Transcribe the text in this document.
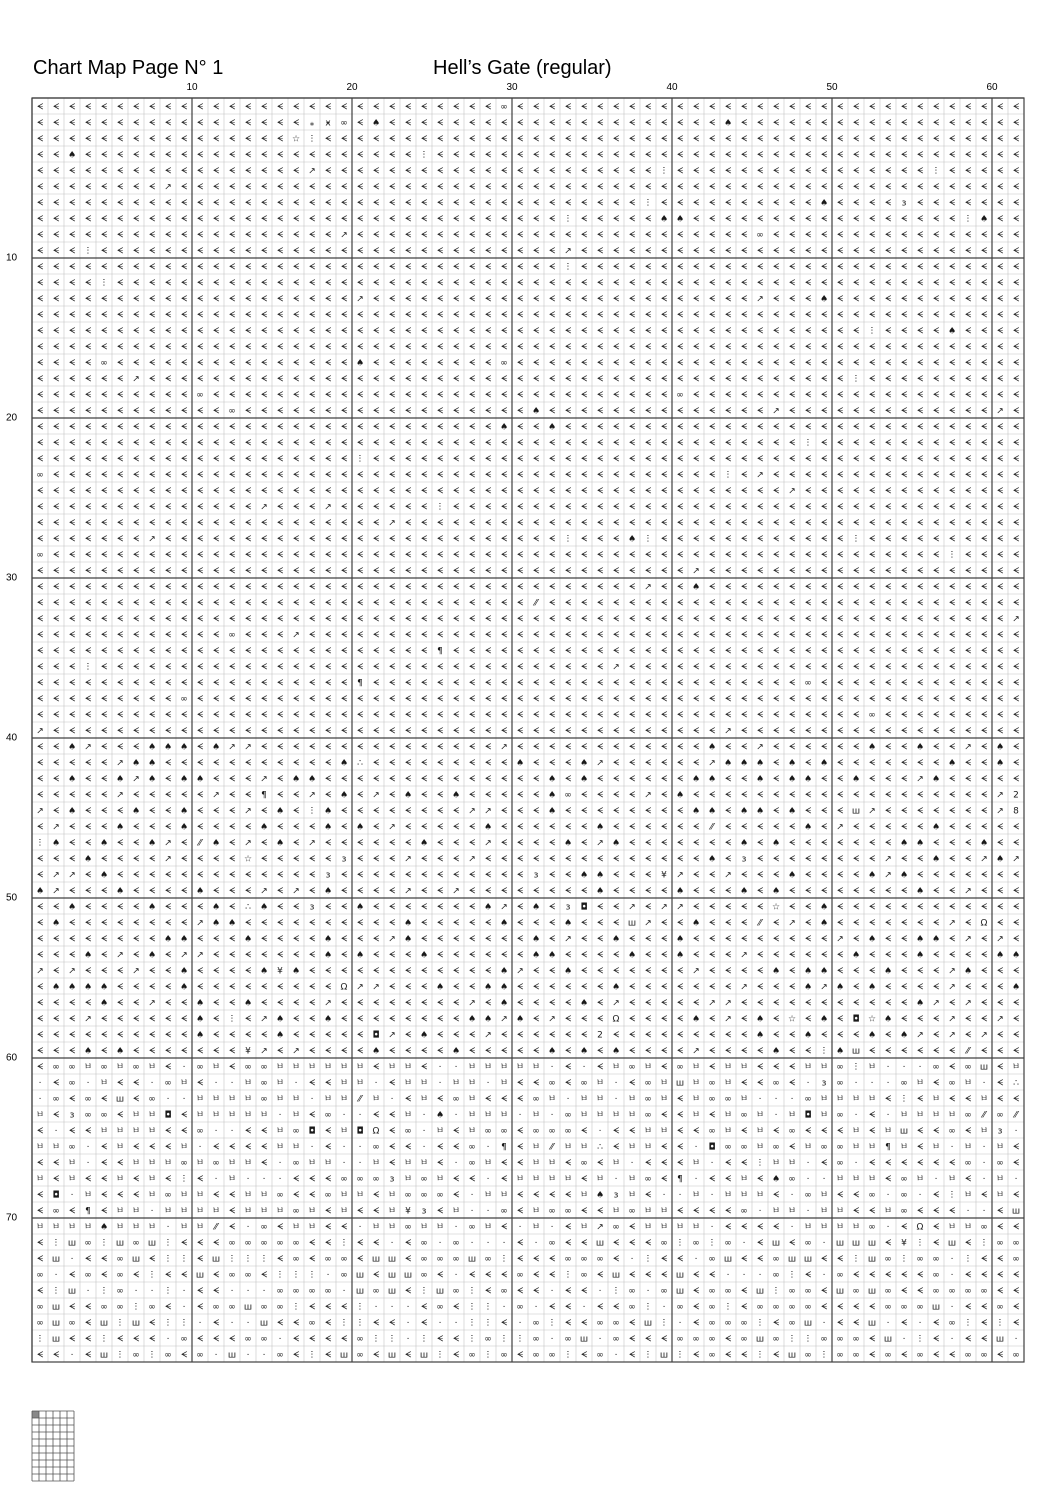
Chart Map Page N° 1	Hell’s Gate (regular)
10	20	30	40	50	60
10
20
30
40
50
60
70
ᗕ ᗕ ᗕ ᗕ ᗕ ᗕ ᗕ ᗕ ᗕ ᗕ ᗕ ᗕ ᗕ ᗕ ᗕ ᗕ ᗕ ᗕ ᗕ ᗕ ᗕ ᗕ ᗕ ᗕ ᗕ ᗕ ᗕ ᗕ ᗕ ∞ ᗕ ᗕ ᗕ ᗕ ᗕ ᗕ ᗕ ᗕ ᗕ ᗕ ᗕ ᗕ ᗕ ᗕ ᗕ ᗕ ᗕ ᗕ ᗕ ᗕ ᗕ ᗕ ᗕ ᗕ ᗕ ᗕ ᗕ ᗕ ᗕ ᗕ ᗕ ᗕ
ᗕ ᗕ ᗕ ᗕ ᗕ ᗕ ᗕ ᗕ ᗕ ᗕ ᗕ ᗕ ᗕ ᗕ ᗕ ᗕ ᗕ ⁎ ӿ ∞ ᗕ ♠ ᗕ ᗕ ᗕ ᗕ ᗕ ᗕ ᗕ ᗕ ᗕ ᗕ ᗕ ᗕ ᗕ ᗕ ᗕ ᗕ ᗕ ᗕ ᗕ ᗕ ᗕ ♠ ᗕ ᗕ ᗕ ᗕ ᗕ ᗕ ᗕ ᗕ ᗕ ᗕ ᗕ ᗕ ᗕ ᗕ ᗕ ᗕ ᗕ ᗕ
ᗕ ᗕ ᗕ ᗕ ᗕ ᗕ ᗕ ᗕ ᗕ ᗕ ᗕ ᗕ ᗕ ᗕ ᗕ ᗕ ☆ ⵗ ᗕ ᗕ ᗕ ᗕ ᗕ ᗕ ᗕ ᗕ ᗕ ᗕ ᗕ ᗕ ᗕ ᗕ ᗕ ᗕ ᗕ ᗕ ᗕ ᗕ ᗕ ᗕ ᗕ ᗕ ᗕ ᗕ ᗕ ᗕ ᗕ ᗕ ᗕ ᗕ ᗕ ᗕ ᗕ ᗕ ᗕ ᗕ ᗕ ᗕ ᗕ ᗕ ᗕ ᗕ
ᗕ ᗕ ♠ ᗕ ᗕ ᗕ ᗕ ᗕ ᗕ ᗕ ᗕ ᗕ ᗕ ᗕ ᗕ ᗕ ᗕ ᗕ ᗕ ᗕ ᗕ ᗕ ᗕ ᗕ ⵗ ᗕ ᗕ ᗕ ᗕ ᗕ ᗕ ᗕ ᗕ ᗕ ᗕ ᗕ ᗕ ᗕ ᗕ ᗕ ᗕ ᗕ ᗕ ᗕ ᗕ ᗕ ᗕ ᗕ ᗕ ᗕ ᗕ ᗕ ᗕ ᗕ ᗕ ᗕ ᗕ ᗕ ᗕ ᗕ ᗕ ᗕ
ᗕ ᗕ ᗕ ᗕ ᗕ ᗕ ᗕ ᗕ ᗕ ᗕ ᗕ ᗕ ᗕ ᗕ ᗕ ᗕ ᗕ ↗ ᗕ ᗕ ᗕ ᗕ ᗕ ᗕ ᗕ ᗕ ᗕ ᗕ ᗕ ᗕ ᗕ ᗕ ᗕ ᗕ ᗕ ᗕ ᗕ ᗕ ᗕ ⵗ ᗕ ᗕ ᗕ ᗕ ᗕ ᗕ ᗕ ᗕ ᗕ ᗕ ᗕ ᗕ ᗕ ᗕ ᗕ ᗕ ⵗ ᗕ ᗕ ᗕ ᗕ ᗕ
ᗕ ᗕ ᗕ ᗕ ᗕ ᗕ ᗕ ᗕ ↗ ᗕ ᗕ ᗕ ᗕ ᗕ ᗕ ᗕ ᗕ ᗕ ᗕ ᗕ ᗕ ᗕ ᗕ ᗕ ᗕ ᗕ ᗕ ᗕ ᗕ ᗕ ᗕ ᗕ ᗕ ᗕ ᗕ ᗕ ᗕ ᗕ ᗕ ᗕ ᗕ ᗕ ᗕ ᗕ ᗕ ᗕ ᗕ ᗕ ᗕ ᗕ ᗕ ᗕ ᗕ ᗕ ᗕ ᗕ ᗕ ᗕ ᗕ ᗕ ᗕ ᗕ
ᗕ ᗕ ᗕ ᗕ ᗕ ᗕ ᗕ ᗕ ᗕ ᗕ ᗕ ᗕ ᗕ ᗕ ᗕ ᗕ ᗕ ᗕ ᗕ ᗕ ᗕ ᗕ ᗕ ᗕ ᗕ ᗕ ᗕ ᗕ ᗕ ᗕ ᗕ ᗕ ᗕ ᗕ ᗕ ᗕ ᗕ ᗕ ⵗ ᗕ ᗕ ᗕ ᗕ ᗕ ᗕ ᗕ ᗕ ᗕ ᗕ ♠ ᗕ ᗕ ᗕ ᗕ ɜ ᗕ ᗕ ᗕ ᗕ ᗕ ᗕ ᗕ
ᗕ ᗕ ᗕ ᗕ ᗕ ᗕ ᗕ ᗕ ᗕ ᗕ ᗕ ᗕ ᗕ ᗕ ᗕ ᗕ ᗕ ᗕ ᗕ ᗕ ᗕ ᗕ ᗕ ᗕ ᗕ ᗕ ᗕ ᗕ ᗕ ᗕ ᗕ ᗕ ᗕ ⵗ ᗕ ᗕ ᗕ ᗕ ᗕ ♠ ♠ ᗕ ᗕ ᗕ ᗕ ᗕ ᗕ ᗕ ᗕ ᗕ ᗕ ᗕ ᗕ ᗕ ᗕ ᗕ ᗕ ᗕ ⵗ ♠ ᗕ ᗕ
ᗕ ᗕ ᗕ ᗕ ᗕ ᗕ ᗕ ᗕ ᗕ ᗕ ᗕ ᗕ ᗕ ᗕ ᗕ ᗕ ᗕ ᗕ ᗕ ↗ ᗕ ᗕ ᗕ ᗕ ᗕ ᗕ ᗕ ᗕ ᗕ ᗕ ᗕ ᗕ ᗕ ᗕ ᗕ ᗕ ᗕ ᗕ ᗕ ᗕ ᗕ ᗕ ᗕ ᗕ ᗕ ∞ ᗕ ᗕ ᗕ ᗕ ᗕ ᗕ ᗕ ᗕ ᗕ ᗕ ᗕ ᗕ ᗕ ᗕ ᗕ ᗕ
ᗕ ᗕ ᗕ ⵗ ᗕ ᗕ ᗕ ᗕ ᗕ ᗕ ᗕ ᗕ ᗕ ᗕ ᗕ ᗕ ᗕ ᗕ ᗕ ᗕ ᗕ ᗕ ᗕ ᗕ ᗕ ᗕ ᗕ ᗕ ᗕ ᗕ ᗕ ᗕ ᗕ ↗ ᗕ ᗕ ᗕ ᗕ ᗕ ᗕ ᗕ ᗕ ᗕ ᗕ ᗕ ᗕ ᗕ ᗕ ᗕ ᗕ ᗕ ᗕ ᗕ ᗕ ᗕ ᗕ ᗕ ᗕ ᗕ ᗕ ᗕ ᗕ
ᗕ ᗕ ᗕ ᗕ ᗕ ᗕ ᗕ ᗕ ᗕ ᗕ ᗕ ᗕ ᗕ ᗕ ᗕ ᗕ ᗕ ᗕ ᗕ ᗕ ᗕ ᗕ ᗕ ᗕ ᗕ ᗕ ᗕ ᗕ ᗕ ᗕ ᗕ ᗕ ᗕ ⵗ ᗕ ᗕ ᗕ ᗕ ᗕ ᗕ ᗕ ᗕ ᗕ ᗕ ᗕ ᗕ ᗕ ᗕ ᗕ ᗕ ᗕ ᗕ ᗕ ᗕ ᗕ ᗕ ᗕ ᗕ ᗕ ᗕ ᗕ ᗕ
ᗕ ᗕ ᗕ ᗕ ⵗ ᗕ ᗕ ᗕ ᗕ ᗕ ᗕ ᗕ ᗕ ᗕ ᗕ ᗕ ᗕ ᗕ ᗕ ᗕ ᗕ ᗕ ᗕ ᗕ ᗕ ᗕ ᗕ ᗕ ᗕ ᗕ ᗕ ᗕ ᗕ ᗕ ᗕ ᗕ ᗕ ᗕ ᗕ ᗕ ᗕ ᗕ ᗕ ᗕ ᗕ ᗕ ᗕ ᗕ ᗕ ᗕ ᗕ ᗕ ᗕ ᗕ ᗕ ᗕ ᗕ ᗕ ᗕ ᗕ ᗕ ᗕ
ᗕ ᗕ ᗕ ᗕ ᗕ ᗕ ᗕ ᗕ ᗕ ᗕ ᗕ ᗕ ᗕ ᗕ ᗕ ᗕ ᗕ ᗕ ᗕ ᗕ ↗ ᗕ ᗕ ᗕ ᗕ ᗕ ᗕ ᗕ ᗕ ᗕ ᗕ ᗕ ᗕ ᗕ ᗕ ᗕ ᗕ ᗕ ᗕ ᗕ ᗕ ᗕ ᗕ ᗕ ᗕ ↗ ᗕ ᗕ ᗕ ♠ ᗕ ᗕ ᗕ ᗕ ᗕ ᗕ ᗕ ᗕ ᗕ ᗕ ᗕ ᗕ
ᗕ ᗕ ᗕ ᗕ ᗕ ᗕ ᗕ ᗕ ᗕ ᗕ ᗕ ᗕ ᗕ ᗕ ᗕ ᗕ ᗕ ᗕ ᗕ ᗕ ᗕ ᗕ ᗕ ᗕ ᗕ ᗕ ᗕ ᗕ ᗕ ᗕ ᗕ ᗕ ᗕ ᗕ ᗕ ᗕ ᗕ ᗕ ᗕ ᗕ ᗕ ᗕ ᗕ ᗕ ᗕ ᗕ ᗕ ᗕ ᗕ ᗕ ᗕ ᗕ ᗕ ᗕ ᗕ ᗕ ᗕ ᗕ ᗕ ᗕ ᗕ ᗕ
ᗕ ᗕ ᗕ ᗕ ᗕ ᗕ ᗕ ᗕ ᗕ ᗕ ᗕ ᗕ ᗕ ᗕ ᗕ ᗕ ᗕ ᗕ ᗕ ᗕ ᗕ ᗕ ᗕ ᗕ ᗕ ᗕ ᗕ ᗕ ᗕ ᗕ ᗕ ᗕ ᗕ ᗕ ᗕ ᗕ ᗕ ᗕ ᗕ ᗕ ᗕ ᗕ ᗕ ᗕ ᗕ ᗕ ᗕ ᗕ ᗕ ᗕ ᗕ ᗕ ⵗ ᗕ ᗕ ᗕ ᗕ ♠ ᗕ ᗕ ᗕ ᗕ
ᗕ ᗕ ᗕ ᗕ ᗕ ᗕ ᗕ ᗕ ᗕ ᗕ ᗕ ᗕ ᗕ ᗕ ᗕ ᗕ ᗕ ᗕ ᗕ ᗕ ᗕ ᗕ ᗕ ᗕ ᗕ ᗕ ᗕ ᗕ ᗕ ᗕ ᗕ ᗕ ᗕ ᗕ ᗕ ᗕ ᗕ ᗕ ᗕ ᗕ ᗕ ᗕ ᗕ ᗕ ᗕ ᗕ ᗕ ᗕ ᗕ ᗕ ᗕ ᗕ ᗕ ᗕ ᗕ ᗕ ᗕ ᗕ ᗕ ᗕ ᗕ ᗕ
ᗕ ᗕ ᗕ ᗕ ∞ ᗕ ᗕ ᗕ ᗕ ᗕ ᗕ ᗕ ᗕ ᗕ ᗕ ᗕ ᗕ ᗕ ᗕ ᗕ ♠ ᗕ ᗕ ᗕ ᗕ ᗕ ᗕ ᗕ ᗕ ∞ ᗕ ᗕ ᗕ ᗕ ᗕ ᗕ ᗕ ᗕ ᗕ ᗕ ᗕ ᗕ ᗕ ᗕ ᗕ ᗕ ᗕ ᗕ ᗕ ᗕ ᗕ ᗕ ᗕ ᗕ ᗕ ᗕ ᗕ ᗕ ᗕ ᗕ ᗕ ᗕ
ᗕ ᗕ ᗕ ᗕ ᗕ ᗕ ↗ ᗕ ᗕ ᗕ ᗕ ᗕ ᗕ ᗕ ᗕ ᗕ ᗕ ᗕ ᗕ ᗕ ᗕ ᗕ ᗕ ᗕ ᗕ ᗕ ᗕ ᗕ ᗕ ᗕ ᗕ ᗕ ᗕ ᗕ ᗕ ᗕ ᗕ ᗕ ᗕ ᗕ ᗕ ᗕ ᗕ ᗕ ᗕ ᗕ ᗕ ᗕ ᗕ ᗕ ᗕ ⵗ ᗕ ᗕ ᗕ ᗕ ᗕ ᗕ ᗕ ᗕ ᗕ ᗕ
ᗕ ᗕ ᗕ ᗕ ᗕ ᗕ ᗕ ᗕ ᗕ ᗕ ∞ ᗕ ᗕ ᗕ ᗕ ᗕ ᗕ ᗕ ᗕ ᗕ ᗕ ᗕ ᗕ ᗕ ᗕ ᗕ ᗕ ᗕ ᗕ ᗕ ᗕ ᗕ ᗕ ᗕ ᗕ ᗕ ᗕ ᗕ ᗕ ᗕ ∞ ᗕ ᗕ ᗕ ᗕ ᗕ ᗕ ᗕ ᗕ ᗕ ᗕ ᗕ ᗕ ᗕ ᗕ ᗕ ᗕ ᗕ ᗕ ᗕ ᗕ ᗕ
ᗕ ᗕ ᗕ ᗕ ᗕ ᗕ ᗕ ᗕ ᗕ ᗕ ᗕ ᗕ ∞ ᗕ ᗕ ᗕ ᗕ ᗕ ᗕ ᗕ ᗕ ᗕ ᗕ ᗕ ᗕ ᗕ ᗕ ᗕ ᗕ ᗕ ᗕ ♠ ᗕ ᗕ ᗕ ᗕ ᗕ ᗕ ᗕ ᗕ ᗕ ᗕ ᗕ ᗕ ᗕ ᗕ ↗ ᗕ ᗕ ᗕ ᗕ ᗕ ᗕ ᗕ ᗕ ᗕ ᗕ ᗕ ᗕ ᗕ ↗ ᗕ
ᗕ ᗕ ᗕ ᗕ ᗕ ᗕ ᗕ ᗕ ᗕ ᗕ ᗕ ᗕ ᗕ ᗕ ᗕ ᗕ ᗕ ᗕ ᗕ ᗕ ᗕ ᗕ ᗕ ᗕ ᗕ ᗕ ᗕ ᗕ ᗕ ♠ ᗕ ᗕ ♠ ᗕ ᗕ ᗕ ᗕ ᗕ ᗕ ᗕ ᗕ ᗕ ᗕ ᗕ ᗕ ᗕ ᗕ ᗕ ᗕ ᗕ ᗕ ᗕ ᗕ ᗕ ᗕ ᗕ ᗕ ᗕ ᗕ ᗕ ᗕ ᗕ
ᗕ ᗕ ᗕ ᗕ ᗕ ᗕ ᗕ ᗕ ᗕ ᗕ ᗕ ᗕ ᗕ ᗕ ᗕ ᗕ ᗕ ᗕ ᗕ ᗕ ᗕ ᗕ ᗕ ᗕ ᗕ ᗕ ᗕ ᗕ ᗕ ᗕ ᗕ ᗕ ᗕ ᗕ ᗕ ᗕ ᗕ ᗕ ᗕ ᗕ ᗕ ᗕ ᗕ ᗕ ᗕ ᗕ ᗕ ᗕ ⵗ ᗕ ᗕ ᗕ ᗕ ᗕ ᗕ ᗕ ᗕ ᗕ ᗕ ᗕ ᗕ ᗕ
ᗕ ᗕ ᗕ ᗕ ᗕ ᗕ ᗕ ᗕ ᗕ ᗕ ᗕ ᗕ ᗕ ᗕ ᗕ ᗕ ᗕ ᗕ ᗕ ᗕ ⵗ ᗕ ᗕ ᗕ ᗕ ᗕ ᗕ ᗕ ᗕ ᗕ ᗕ ᗕ ᗕ ᗕ ᗕ ᗕ ᗕ ᗕ ᗕ ᗕ ᗕ ᗕ ᗕ ᗕ ᗕ ᗕ ᗕ ᗕ ᗕ ᗕ ᗕ ᗕ ᗕ ᗕ ᗕ ᗕ ᗕ ᗕ ᗕ ᗕ ᗕ ᗕ
∞ ᗕ ᗕ ᗕ ᗕ ᗕ ᗕ ᗕ ᗕ ᗕ ᗕ ᗕ ᗕ ᗕ ᗕ ᗕ ᗕ ᗕ ᗕ ᗕ ᗕ ᗕ ᗕ ᗕ ᗕ ᗕ ᗕ ᗕ ᗕ ᗕ ᗕ ᗕ ᗕ ᗕ ᗕ ᗕ ᗕ ᗕ ᗕ ᗕ ᗕ ᗕ ᗕ ⵗ ᗕ ↗ ᗕ ᗕ ᗕ ᗕ ᗕ ᗕ ᗕ ᗕ ᗕ ᗕ ᗕ ᗕ ᗕ ᗕ ᗕ ᗕ
ᗕ ᗕ ᗕ ᗕ ᗕ ᗕ ᗕ ᗕ ᗕ ᗕ ᗕ ᗕ ᗕ ᗕ ᗕ ᗕ ᗕ ᗕ ᗕ ᗕ ᗕ ᗕ ᗕ ᗕ ᗕ ᗕ ᗕ ᗕ ᗕ ᗕ ᗕ ᗕ ᗕ ᗕ ᗕ ᗕ ᗕ ᗕ ᗕ ᗕ ᗕ ᗕ ᗕ ᗕ ᗕ ᗕ ᗕ ↗ ᗕ ᗕ ᗕ ᗕ ᗕ ᗕ ᗕ ᗕ ᗕ ᗕ ᗕ ᗕ ᗕ ᗕ
ᗕ ᗕ ᗕ ᗕ ᗕ ᗕ ᗕ ᗕ ᗕ ᗕ ᗕ ᗕ ᗕ ᗕ ↗ ᗕ ᗕ ᗕ ↗ ᗕ ᗕ ᗕ ᗕ ᗕ ᗕ ⵗ ᗕ ᗕ ᗕ ᗕ ᗕ ᗕ ᗕ ᗕ ᗕ ᗕ ᗕ ᗕ ᗕ ᗕ ᗕ ᗕ ᗕ ᗕ ᗕ ᗕ ᗕ ᗕ ᗕ ᗕ ᗕ ᗕ ᗕ ᗕ ᗕ ᗕ ᗕ ᗕ ᗕ ᗕ ᗕ ᗕ
ᗕ ᗕ ᗕ ᗕ ᗕ ᗕ ᗕ ᗕ ᗕ ᗕ ᗕ ᗕ ᗕ ᗕ ᗕ ᗕ ᗕ ᗕ ᗕ ᗕ ᗕ ᗕ ↗ ᗕ ᗕ ᗕ ᗕ ᗕ ᗕ ᗕ ᗕ ᗕ ᗕ ᗕ ᗕ ᗕ ᗕ ᗕ ᗕ ᗕ ᗕ ᗕ ᗕ ᗕ ᗕ ᗕ ᗕ ᗕ ᗕ ᗕ ᗕ ᗕ ᗕ ᗕ ᗕ ᗕ ᗕ ᗕ ᗕ ᗕ ᗕ ᗕ
ᗕ ᗕ ᗕ ᗕ ᗕ ᗕ ᗕ ↗ ᗕ ᗕ ᗕ ᗕ ᗕ ᗕ ᗕ ᗕ ᗕ ᗕ ᗕ ᗕ ᗕ ᗕ ᗕ ᗕ ᗕ ᗕ ᗕ ᗕ ᗕ ᗕ ᗕ ᗕ ᗕ ⵗ ᗕ ᗕ ᗕ ♠ ⵗ ᗕ ᗕ ᗕ ᗕ ᗕ ᗕ ᗕ ᗕ ᗕ ᗕ ᗕ ᗕ ⵗ ᗕ ᗕ ᗕ ᗕ ᗕ ᗕ ᗕ ᗕ ᗕ ᗕ
∞ ᗕ ᗕ ᗕ ᗕ ᗕ ᗕ ᗕ ᗕ ᗕ ᗕ ᗕ ᗕ ᗕ ᗕ ᗕ ᗕ ᗕ ᗕ ᗕ ᗕ ᗕ ᗕ ᗕ ᗕ ᗕ ᗕ ᗕ ᗕ ᗕ ᗕ ᗕ ᗕ ᗕ ᗕ ᗕ ᗕ ᗕ ᗕ ᗕ ᗕ ᗕ ᗕ ᗕ ᗕ ᗕ ᗕ ᗕ ᗕ ᗕ ᗕ ᗕ ᗕ ᗕ ᗕ ᗕ ᗕ ⵗ ᗕ ᗕ ᗕ ᗕ
ᗕ ᗕ ᗕ ᗕ ᗕ ᗕ ᗕ ᗕ ᗕ ᗕ ᗕ ᗕ ᗕ ᗕ ᗕ ᗕ ᗕ ᗕ ᗕ ᗕ ᗕ ᗕ ᗕ ᗕ ᗕ ᗕ ᗕ ᗕ ᗕ ᗕ ᗕ ᗕ ᗕ ᗕ ᗕ ᗕ ᗕ ᗕ ᗕ ᗕ ᗕ ↗ ᗕ ᗕ ᗕ ᗕ ᗕ ᗕ ᗕ ᗕ ᗕ ᗕ ᗕ ᗕ ᗕ ᗕ ᗕ ᗕ ᗕ ᗕ ᗕ ᗕ
ᗕ ᗕ ᗕ ᗕ ᗕ ᗕ ᗕ ᗕ ᗕ ᗕ ᗕ ᗕ ᗕ ᗕ ᗕ ᗕ ᗕ ᗕ ᗕ ᗕ ᗕ ᗕ ᗕ ᗕ ᗕ ᗕ ᗕ ᗕ ᗕ ᗕ ᗕ ᗕ ᗕ ᗕ ᗕ ᗕ ᗕ ᗕ ↗ ᗕ ᗕ ♠ ᗕ ᗕ ᗕ ᗕ ᗕ ᗕ ᗕ ᗕ ᗕ ᗕ ᗕ ᗕ ᗕ ᗕ ᗕ ᗕ ᗕ ᗕ ᗕ ᗕ
ᗕ ᗕ ᗕ ᗕ ᗕ ᗕ ᗕ ᗕ ᗕ ᗕ ᗕ ᗕ ᗕ ᗕ ᗕ ᗕ ᗕ ᗕ ᗕ ᗕ ᗕ ᗕ ᗕ ᗕ ᗕ ᗕ ᗕ ᗕ ᗕ ᗕ ᗕ ⁄⁄ ᗕ ᗕ ᗕ ᗕ ᗕ ᗕ ᗕ ᗕ ᗕ ᗕ ᗕ ᗕ ᗕ ᗕ ᗕ ᗕ ᗕ ᗕ ᗕ ᗕ ᗕ ᗕ ᗕ ᗕ ᗕ ᗕ ᗕ ᗕ ᗕ ᗕ
ᗕ ᗕ ᗕ ᗕ ᗕ ᗕ ᗕ ᗕ ᗕ ᗕ ᗕ ᗕ ᗕ ᗕ ᗕ ᗕ ᗕ ᗕ ᗕ ᗕ ᗕ ᗕ ᗕ ᗕ ᗕ ᗕ ᗕ ᗕ ᗕ ᗕ ᗕ ᗕ ᗕ ᗕ ᗕ ᗕ ᗕ ᗕ ᗕ ᗕ ᗕ ᗕ ᗕ ᗕ ᗕ ᗕ ᗕ ᗕ ᗕ ᗕ ᗕ ᗕ ᗕ ᗕ ᗕ ᗕ ᗕ ᗕ ᗕ ᗕ ᗕ ↗
ᗕ ᗕ ᗕ ᗕ ᗕ ᗕ ᗕ ᗕ ᗕ ᗕ ᗕ ᗕ ∞ ᗕ ᗕ ᗕ ↗ ᗕ ᗕ ᗕ ᗕ ᗕ ᗕ ᗕ ᗕ ᗕ ᗕ ᗕ ᗕ ᗕ ᗕ ᗕ ᗕ ᗕ ᗕ ᗕ ᗕ ᗕ ᗕ ᗕ ᗕ ᗕ ᗕ ᗕ ᗕ ᗕ ᗕ ᗕ ᗕ ᗕ ᗕ ᗕ ᗕ ᗕ ᗕ ᗕ ᗕ ᗕ ᗕ ᗕ ᗕ ᗕ
ᗕ ᗕ ᗕ ᗕ ᗕ ᗕ ᗕ ᗕ ᗕ ᗕ ᗕ ᗕ ᗕ ᗕ ᗕ ᗕ ᗕ ᗕ ᗕ ᗕ ᗕ ᗕ ᗕ ᗕ ᗕ ¶ ᗕ ᗕ ᗕ ᗕ ᗕ ᗕ ᗕ ᗕ ᗕ ᗕ ᗕ ᗕ ᗕ ᗕ ᗕ ᗕ ᗕ ᗕ ᗕ ᗕ ᗕ ᗕ ᗕ ᗕ ᗕ ᗕ ᗕ ᗕ ᗕ ᗕ ᗕ ᗕ ᗕ ᗕ ᗕ ᗕ
ᗕ ᗕ ᗕ ⵗ ᗕ ᗕ ᗕ ᗕ ᗕ ᗕ ᗕ ᗕ ᗕ ᗕ ᗕ ᗕ ᗕ ᗕ ᗕ ᗕ ᗕ ᗕ ᗕ ᗕ ᗕ ᗕ ᗕ ᗕ ᗕ ᗕ ᗕ ᗕ ᗕ ᗕ ᗕ ᗕ ↗ ᗕ ᗕ ᗕ ᗕ ᗕ ᗕ ᗕ ᗕ ᗕ ᗕ ᗕ ᗕ ᗕ ᗕ ᗕ ᗕ ᗕ ᗕ ᗕ ᗕ ᗕ ᗕ ᗕ ᗕ ᗕ
ᗕ ᗕ ᗕ ᗕ ᗕ ᗕ ᗕ ᗕ ᗕ ᗕ ᗕ ᗕ ᗕ ᗕ ᗕ ᗕ ᗕ ᗕ ᗕ ᗕ ¶ ᗕ ᗕ ᗕ ᗕ ᗕ ᗕ ᗕ ᗕ ᗕ ᗕ ᗕ ᗕ ᗕ ᗕ ᗕ ᗕ ᗕ ᗕ ᗕ ᗕ ᗕ ᗕ ᗕ ᗕ ᗕ ᗕ ᗕ ∞ ᗕ ᗕ ᗕ ᗕ ᗕ ᗕ ᗕ ᗕ ᗕ ᗕ ᗕ ᗕ ᗕ
ᗕ ᗕ ᗕ ᗕ ᗕ ᗕ ᗕ ᗕ ᗕ ∞ ᗕ ᗕ ᗕ ᗕ ᗕ ᗕ ᗕ ᗕ ᗕ ᗕ ᗕ ᗕ ᗕ ᗕ ᗕ ᗕ ᗕ ᗕ ᗕ ᗕ ᗕ ᗕ ᗕ ᗕ ᗕ ᗕ ᗕ ᗕ ᗕ ᗕ ᗕ ᗕ ᗕ ᗕ ᗕ ᗕ ᗕ ᗕ ᗕ ᗕ ᗕ ᗕ ᗕ ᗕ ᗕ ᗕ ᗕ ᗕ ᗕ ᗕ ᗕ ᗕ
ᗕ ᗕ ᗕ ᗕ ᗕ ᗕ ᗕ ᗕ ᗕ ᗕ ᗕ ᗕ ᗕ ᗕ ᗕ ᗕ ᗕ ᗕ ᗕ ᗕ ᗕ ᗕ ᗕ ᗕ ᗕ ᗕ ᗕ ᗕ ᗕ ᗕ ᗕ ᗕ ᗕ ᗕ ᗕ ᗕ ᗕ ᗕ ᗕ ᗕ ᗕ ᗕ ᗕ ᗕ ᗕ ᗕ ᗕ ᗕ ᗕ ᗕ ᗕ ᗕ ∞ ᗕ ᗕ ᗕ ᗕ ᗕ ᗕ ᗕ ᗕ ᗕ
↗ ᗕ ᗕ ᗕ ᗕ ᗕ ᗕ ᗕ ᗕ ᗕ ᗕ ᗕ ᗕ ᗕ ᗕ ᗕ ᗕ ᗕ ᗕ ᗕ ᗕ ᗕ ᗕ ᗕ ᗕ ᗕ ᗕ ᗕ ᗕ ᗕ ᗕ ᗕ ᗕ ᗕ ᗕ ᗕ ᗕ ᗕ ᗕ ᗕ ᗕ ᗕ ᗕ ↗ ᗕ ᗕ ᗕ ᗕ ᗕ ᗕ ᗕ ᗕ ᗕ ᗕ ᗕ ᗕ ᗕ ᗕ ᗕ ᗕ ᗕ ᗕ
ᗕ ᗕ ♠ ↗ ᗕ ᗕ ᗕ ♠ ♠ ♠ ᗕ ♠ ↗ ↗ ᗕ ᗕ ᗕ ᗕ ᗕ ᗕ ᗕ ᗕ ᗕ ᗕ ᗕ ᗕ ᗕ ᗕ ᗕ ↗ ᗕ ᗕ ᗕ ᗕ ᗕ ᗕ ᗕ ᗕ ᗕ ᗕ ᗕ ᗕ ♠ ᗕ ᗕ ↗ ᗕ ᗕ ᗕ ᗕ ᗕ ᗕ ♠ ᗕ ᗕ ♠ ᗕ ᗕ ↗ ᗕ ♠ ᗕ
ᗕ ᗕ ᗕ ᗕ ᗕ ↗ ♠ ♠ ᗕ ᗕ ᗕ ᗕ ᗕ ᗕ ᗕ ᗕ ᗕ ᗕ ᗕ ♠ ∴ ᗕ ᗕ ᗕ ᗕ ᗕ ᗕ ᗕ ᗕ ᗕ ♠ ᗕ ᗕ ᗕ ♠ ↗ ᗕ ᗕ ᗕ ᗕ ᗕ ᗕ ↗ ♠ ♠ ♠ ᗕ ♠ ᗕ ♠ ᗕ ᗕ ᗕ ᗕ ᗕ ᗕ ᗕ ♠ ᗕ ᗕ ♠ ᗕ
ᗕ ᗕ ♠ ᗕ ᗕ ♠ ↗ ♠ ᗕ ♠ ♠ ᗕ ᗕ ᗕ ↗ ᗕ ♠ ♠ ᗕ ᗕ ᗕ ᗕ ᗕ ᗕ ᗕ ᗕ ᗕ ᗕ ᗕ ᗕ ᗕ ᗕ ♠ ᗕ ♠ ᗕ ᗕ ᗕ ᗕ ᗕ ᗕ ♠ ♠ ᗕ ᗕ ♠ ᗕ ♠ ♠ ᗕ ᗕ ♠ ᗕ ᗕ ᗕ ↗ ♠ ᗕ ᗕ ᗕ ᗕ ᗕ
ᗕ ᗕ ᗕ ᗕ ᗕ ↗ ᗕ ᗕ ᗕ ᗕ ᗕ ↗ ᗕ ᗕ ¶ ᗕ ᗕ ↗ ᗕ ♠ ᗕ ↗ ᗕ ♠ ᗕ ᗕ ♠ ᗕ ᗕ ᗕ ᗕ ᗕ ♠ ∞ ᗕ ᗕ ᗕ ᗕ ↗ ᗕ ♠ ᗕ ᗕ ᗕ ᗕ ᗕ ᗕ ᗕ ᗕ ᗕ ᗕ ᗕ ᗕ ᗕ ᗕ ᗕ ᗕ ᗕ ᗕ ᗕ ↗ 2
↗ ᗕ ♠ ᗕ ᗕ ᗕ ♠ ᗕ ᗕ ♠ ᗕ ᗕ ᗕ ↗ ᗕ ♠ ᗕ ⵗ ♠ ᗕ ᗕ ᗕ ᗕ ᗕ ᗕ ᗕ ᗕ ↗ ↗ ᗕ ᗕ ᗕ ♠ ᗕ ᗕ ᗕ ᗕ ᗕ ᗕ ᗕ ᗕ ♠ ♠ ᗕ ♠ ♠ ᗕ ♠ ᗕ ᗕ ᗕ ш ↗ ᗕ ᗕ ᗕ ᗕ ᗕ ᗕ ᗕ ↗ 8
ᗕ ↗ ᗕ ᗕ ᗕ ♠ ᗕ ᗕ ᗕ ♠ ᗕ ᗕ ᗕ ᗕ ♠ ᗕ ᗕ ᗕ ♠ ᗕ ♠ ᗕ ↗ ᗕ ᗕ ᗕ ᗕ ᗕ ♠ ᗕ ᗕ ᗕ ᗕ ᗕ ᗕ ♠ ᗕ ᗕ ᗕ ᗕ ᗕ ᗕ ⁄⁄ ᗕ ᗕ ᗕ ᗕ ᗕ ♠ ᗕ ↗ ᗕ ᗕ ᗕ ᗕ ᗕ ♠ ᗕ ᗕ ᗕ ᗕ ᗕ
ⵗ ♠ ᗕ ᗕ ♠ ᗕ ᗕ ♠ ↗ ᗕ ⁄⁄ ♠ ᗕ ↗ ᗕ ♠ ᗕ ↗ ᗕ ᗕ ᗕ ᗕ ᗕ ᗕ ♠ ᗕ ᗕ ᗕ ↗ ᗕ ᗕ ᗕ ᗕ ♠ ᗕ ↗ ♠ ᗕ ᗕ ᗕ ᗕ ᗕ ᗕ ᗕ ♠ ᗕ ♠ ᗕ ᗕ ᗕ ᗕ ᗕ ᗕ ᗕ ♠ ♠ ᗕ ᗕ ᗕ ♠ ᗕ ᗕ
ᗕ ᗕ ᗕ ♠ ᗕ ᗕ ᗕ ᗕ ↗ ᗕ ᗕ ᗕ ᗕ ☆ ᗕ ᗕ ᗕ ᗕ ᗕ ɜ ᗕ ᗕ ᗕ ↗ ᗕ ᗕ ᗕ ↗ ᗕ ᗕ ᗕ ᗕ ᗕ ᗕ ᗕ ᗕ ᗕ ᗕ ᗕ ᗕ ᗕ ᗕ ♠ ᗕ ɜ ᗕ ᗕ ᗕ ᗕ ᗕ ᗕ ᗕ ᗕ ↗ ᗕ ᗕ ♠ ᗕ ᗕ ↗ ♠ ↗
ᗕ ↗ ↗ ᗕ ♠ ᗕ ᗕ ᗕ ᗕ ᗕ ᗕ ᗕ ᗕ ᗕ ᗕ ᗕ ᗕ ᗕ ɜ ᗕ ᗕ ᗕ ᗕ ᗕ ᗕ ᗕ ᗕ ᗕ ᗕ ᗕ ᗕ ɜ ᗕ ᗕ ♠ ♠ ᗕ ᗕ ᗕ ¥ ↗ ᗕ ᗕ ↗ ᗕ ᗕ ᗕ ♠ ᗕ ᗕ ᗕ ᗕ ♠ ↗ ♠ ᗕ ᗕ ᗕ ᗕ ᗕ ᗕ ᗕ
♠ ↗ ᗕ ᗕ ᗕ ♠ ᗕ ᗕ ᗕ ᗕ ♠ ᗕ ᗕ ᗕ ↗ ᗕ ↗ ᗕ ♠ ᗕ ᗕ ᗕ ᗕ ↗ ᗕ ᗕ ↗ ᗕ ᗕ ᗕ ᗕ ᗕ ᗕ ᗕ ᗕ ♠ ᗕ ᗕ ᗕ ᗕ ♠ ᗕ ᗕ ᗕ ♠ ᗕ ♠ ᗕ ᗕ ᗕ ᗕ ᗕ ᗕ ᗕ ᗕ ♠ ᗕ ᗕ ↗ ᗕ ᗕ ᗕ
ᗕ ᗕ ♠ ᗕ ᗕ ᗕ ᗕ ♠ ᗕ ᗕ ᗕ ♠ ᗕ ∴ ♠ ᗕ ᗕ ɜ ᗕ ᗕ ♠ ᗕ ᗕ ᗕ ᗕ ᗕ ᗕ ᗕ ♠ ↗ ᗕ ♠ ᗕ ɜ ◘ ᗕ ᗕ ↗ ᗕ ↗ ↗ ᗕ ᗕ ᗕ ᗕ ᗕ ☆ ᗕ ᗕ ♠ ᗕ ᗕ ᗕ ᗕ ᗕ ᗕ ᗕ ᗕ ᗕ ᗕ ᗕ ᗕ
ᗕ ♠ ᗕ ᗕ ᗕ ᗕ ᗕ ᗕ ᗕ ᗕ ↗ ♠ ♠ ᗕ ᗕ ᗕ ᗕ ᗕ ᗕ ᗕ ᗕ ᗕ ᗕ ♠ ᗕ ᗕ ᗕ ᗕ ᗕ ♠ ᗕ ᗕ ᗕ ♠ ᗕ ᗕ ᗕ ш ↗ ᗕ ᗕ ♠ ᗕ ᗕ ᗕ ⁄⁄ ᗕ ↗ ᗕ ♠ ᗕ ᗕ ᗕ ᗕ ᗕ ᗕ ᗕ ↗ ᗕ Ω ᗕ ᗕ
ᗕ ᗕ ᗕ ᗕ ᗕ ᗕ ᗕ ᗕ ♠ ♠ ᗕ ᗕ ᗕ ♠ ᗕ ᗕ ᗕ ᗕ ♠ ᗕ ᗕ ᗕ ↗ ♠ ᗕ ᗕ ᗕ ᗕ ᗕ ᗕ ᗕ ♠ ᗕ ↗ ᗕ ᗕ ♠ ᗕ ᗕ ᗕ ♠ ᗕ ᗕ ᗕ ᗕ ᗕ ᗕ ᗕ ᗕ ᗕ ↗ ᗕ ♠ ᗕ ᗕ ♠ ♠ ᗕ ↗ ᗕ ↗ ᗕ
ᗕ ᗕ ᗕ ♠ ᗕ ↗ ᗕ ♠ ᗕ ↗ ↗ ᗕ ᗕ ᗕ ᗕ ᗕ ᗕ ᗕ ♠ ᗕ ♠ ᗕ ᗕ ᗕ ♠ ᗕ ᗕ ᗕ ᗕ ᗕ ᗕ ♠ ♠ ᗕ ᗕ ᗕ ᗕ ♠ ᗕ ᗕ ♠ ᗕ ᗕ ᗕ ↗ ᗕ ᗕ ᗕ ᗕ ᗕ ᗕ ♠ ᗕ ᗕ ᗕ ♠ ᗕ ᗕ ᗕ ᗕ ♠ ♠
↗ ᗕ ↗ ᗕ ᗕ ᗕ ↗ ᗕ ᗕ ♠ ᗕ ᗕ ᗕ ᗕ ♠ ¥ ♠ ᗕ ᗕ ᗕ ᗕ ᗕ ᗕ ᗕ ᗕ ᗕ ᗕ ᗕ ᗕ ♠ ↗ ᗕ ᗕ ♠ ᗕ ᗕ ᗕ ᗕ ᗕ ᗕ ᗕ ↗ ᗕ ᗕ ᗕ ᗕ ♠ ᗕ ♠ ♠ ᗕ ᗕ ᗕ ♠ ᗕ ᗕ ᗕ ↗ ♠ ᗕ ᗕ ᗕ
ᗕ ♠ ♠ ♠ ♠ ᗕ ᗕ ᗕ ᗕ ♠ ᗕ ᗕ ᗕ ᗕ ᗕ ᗕ ᗕ ᗕ ᗕ Ω ↗ ↗ ᗕ ᗕ ᗕ ♠ ᗕ ᗕ ♠ ♠ ᗕ ᗕ ᗕ ᗕ ᗕ ᗕ ♠ ᗕ ᗕ ᗕ ᗕ ᗕ ᗕ ᗕ ↗ ᗕ ᗕ ᗕ ♠ ↗ ♠ ᗕ ♠ ᗕ ᗕ ᗕ ᗕ ↗ ᗕ ᗕ ᗕ ♠
ᗕ ᗕ ᗕ ᗕ ♠ ᗕ ᗕ ↗ ᗕ ᗕ ♠ ᗕ ᗕ ♠ ᗕ ᗕ ᗕ ᗕ ↗ ᗕ ᗕ ᗕ ᗕ ᗕ ᗕ ᗕ ᗕ ↗ ᗕ ♠ ᗕ ᗕ ᗕ ᗕ ♠ ᗕ ↗ ᗕ ᗕ ᗕ ᗕ ᗕ ↗ ↗ ᗕ ᗕ ᗕ ᗕ ᗕ ᗕ ᗕ ᗕ ᗕ ᗕ ᗕ ♠ ↗ ᗕ ↗ ᗕ ᗕ ᗕ
ᗕ ᗕ ᗕ ↗ ᗕ ᗕ ᗕ ᗕ ᗕ ᗕ ♠ ᗕ ⵗ ᗕ ↗ ♠ ᗕ ᗕ ♠ ᗕ ᗕ ᗕ ᗕ ᗕ ᗕ ᗕ ᗕ ♠ ♠ ↗ ♠ ᗕ ↗ ᗕ ᗕ ᗕ Ω ᗕ ᗕ ᗕ ᗕ ♠ ᗕ ↗ ᗕ ♠ ᗕ ☆ ᗕ ♠ ᗕ ◘ ☆ ♠ ᗕ ᗕ ᗕ ↗ ᗕ ᗕ ↗ ᗕ
ᗕ ᗕ ᗕ ᗕ ᗕ ᗕ ᗕ ᗕ ᗕ ᗕ ♠ ᗕ ᗕ ᗕ ᗕ ♠ ᗕ ᗕ ᗕ ᗕ ᗕ ◘ ↗ ᗕ ♠ ᗕ ᗕ ᗕ ↗ ᗕ ᗕ ᗕ ᗕ ᗕ ᗕ 2 ᗕ ᗕ ᗕ ᗕ ᗕ ᗕ ᗕ ᗕ ᗕ ♠ ᗕ ᗕ ♠ ᗕ ᗕ ᗕ ♠ ᗕ ♠ ↗ ᗕ ↗ ᗕ ↗ ᗕ ᗕ
ᗕ ᗕ ᗕ ♠ ᗕ ♠ ᗕ ᗕ ᗕ ᗕ ᗕ ᗕ ᗕ ¥ ↗ ᗕ ↗ ᗕ ᗕ ᗕ ᗕ ♠ ᗕ ᗕ ᗕ ᗕ ♠ ᗕ ᗕ ᗕ ᗕ ᗕ ♠ ᗕ ♠ ᗕ ♠ ᗕ ᗕ ᗕ ᗕ ↗ ᗕ ᗕ ᗕ ᗕ ♠ ᗕ ᗕ ⵗ ♠ ш ᗕ ᗕ ᗕ ᗕ ᗕ ᗕ ⁄⁄ ᗕ ᗕ ᗕ
ᗕ ∞ ∞ ㅂ ∞ ㅂ ∞ ㅂ ᗕ · ∞ ㅂ ᗕ ∞ ∞ ㅂ ㅂ ㅂ ㅂ ㅂ ㅂ ᗕ ㅂ ㅂ ᗕ · · ㅂ ㅂ ㅂ ㅂ ㅂ · ᗕ · ᗕ ㅂ ∞ ㅂ ᗕ ∞ ㅂ ᗕ ㅂ ㅂ ᗕ ᗕ ᗕ ㅂ ㅂ ∞ ⵗ ㅂ · · · ∞ ᗕ ∞ ш ᗕ ㅂ
· ᗕ ∞ · ㅂ ᗕ ᗕ · ∞ ㅂ ᗕ · · ㅂ ∞ ㅂ · ᗕ ᗕ ㅂ ㅂ · ᗕ ㅂ ㅂ · ㅂ ㅂ · ㅂ ᗕ ᗕ ∞ ᗕ ∞ ㅂ · ᗕ ∞ ㅂ ш ㅂ ∞ ㅂ ᗕ ᗕ ∞ ᗕ · ɜ ∞ · · · ∞ ㅂ ᗕ ∞ ㅂ · ᗕ ∴
· ∞ ᗕ ∞ ᗕ ш ᗕ ∞ · · ㅂ ㅂ ㅂ ㅂ ∞ ㅂ ㅂ · ㅂ ㅂ ⁄⁄ ㅂ · ᗕ ㅂ ᗕ ∞ ㅂ ᗕ ᗕ ᗕ ∞ ㅂ · ㅂ ㅂ · ㅂ ∞ ㅂ ᗕ ㅂ ∞ ∞ ㅂ · · · ∞ ㅂ ㅂ ㅂ ㅂ ᗕ ⵗ ᗕ ㅂ ᗕ ᗕ ㅂ ᗕ ᗕ
ㅂ ᗕ ɜ ∞ ∞ ᗕ ㅂ ㅂ ◘ ᗕ ㅂ ㅂ ㅂ ㅂ ㅂ · ㅂ ᗕ ∞ · · ᗕ ᗕ ㅂ · ♠ · ㅂ ㅂ ㅂ · ㅂ · ∞ ㅂ ㅂ ㅂ ㅂ ∞ ᗕ ᗕ ㅂ ᗕ ㅂ ∞ ㅂ · ㅂ ◘ ㅂ ∞ · ᗕ · ㅂ ㅂ ㅂ ㅂ ∞ ⁄⁄ ∞ ⁄⁄
ᗕ · ᗕ ᗕ ㅂ ㅂ ㅂ ㅂ ᗕ ᗕ ∞ · · ᗕ ᗕ ㅂ ∞ ◘ ᗕ ㅂ ◘ Ω ᗕ ∞ · ㅂ ᗕ ㅂ ∞ ∞ ᗕ ∞ ∞ ∞ ᗕ · ᗕ ᗕ ㅂ ㅂ ᗕ ᗕ ∞ ㅂ ᗕ ㅂ ᗕ ∞ ᗕ ᗕ ᗕ ㅂ ᗕ ㅂ ш ᗕ ᗕ ∞ ᗕ ㅂ ɜ ·
ㅂ ㅂ ∞ · ᗕ ㅂ ᗕ ᗕ ᗕ ㅂ · ᗕ ᗕ ᗕ ᗕ ㅂ ㅂ · ᗕ · · ∞ ᗕ ᗕ · ᗕ ᗕ ∞ · ¶ ᗕ ㅂ ⁄⁄ ㅂ ㅂ ∴ ᗕ ㅂ ㅂ ᗕ ᗕ · ◘ ∞ ∞ ㅂ ∞ ᗕ ㅂ ∞ ∞ ㅂ ㅂ ¶ ㅂ ᗕ ㅂ · ㅂ · ㅂ ᗕ
ᗕ ᗕ ㅂ · ᗕ ᗕ ㅂ ㅂ ㅂ ∞ ㅂ ∞ ㅂ ㅂ ᗕ · ∞ ㅂ ㅂ · · ㅂ ᗕ ㅂ ㅂ ᗕ · ∞ ㅂ ᗕ ᗕ ㅂ ㅂ ᗕ ∞ ᗕ ㅂ · ᗕ ᗕ ᗕ ㅂ · ᗕ ᗕ ⵗ ㅂ ㅂ · ᗕ ∞ · ᗕ ᗕ ᗕ ᗕ ᗕ ᗕ ∞ · ∞ ᗕ
ㅂ ᗕ ㅂ ᗕ ᗕ ㅂ ᗕ ㅂ ᗕ ⵗ ᗕ · ㅂ · · · ᗕ ᗕ ᗕ ∞ ∞ ∞ ɜ ㅂ ∞ ㅂ ᗕ ᗕ · ᗕ ㅂ ㅂ ㅂ ㅂ ᗕ ㅂ · ㅂ ∞ ᗕ ¶ · ᗕ ᗕ ㅂ ᗕ ♠ ∞ · · ㅂ ㅂ ㅂ ᗕ ∞ ㅂ · ㅂ ᗕ · ㅂ ·
ᗕ ◘ · ㅂ ᗕ ᗕ ᗕ ㅂ ∞ ㅂ ㅂ ᗕ ᗕ ㅂ ㅂ ∞ ᗕ ᗕ ∞ ㅂ ㅂ ᗕ ㅂ ∞ ∞ ∞ ᗕ · ㅂ ㅂ ᗕ ᗕ ᗕ ᗕ ㅂ ♠ ɜ ㅂ ᗕ · · ㅂ · ㅂ ㅂ ㅂ ᗕ · ∞ ㅂ ᗕ ᗕ ∞ · ∞ · ᗕ ⵗ ㅂ ᗕ ㅂ ᗕ
ᗕ ∞ ᗕ ¶ ᗕ ㅂ ㅂ · ㅂ ㅂ ㅂ ㅂ ᗕ ㅂ ㅂ ㅂ ∞ ㅂ ᗕ ㅂ ᗕ ᗕ ㅂ ¥ ɜ ᗕ ㅂ · · ∞ ᗕ ㅂ ∞ ∞ ᗕ ᗕ ㅂ ∞ ㅂ ㅂ ᗕ ᗕ ᗕ ᗕ ∞ · ㅂ ㅂ · ㅂ ㅂ ᗕ ᗕ ㅂ ∞ ᗕ ᗕ ᗕ · · ᗕ ш
ㅂ ㅂ ㅂ ㅂ ♠ ㅂ ㅂ ㅂ · ㅂ ㅂ ⁄⁄ ᗕ · ∞ ᗕ ㅂ ㅂ ᗕ ᗕ · ㅂ ㅂ ∞ ㅂ ㅂ · ∞ ㅂ ᗕ · ㅂ · ᗕ ㅂ ↗ ∞ ᗕ ㅂ ㅂ ㅂ ㅂ · ᗕ ᗕ ᗕ ᗕ · ㅂ ㅂ ㅂ ㅂ ∞ · ᗕ Ω ᗕ ㅂ ㅂ ∞ ᗕ ᗕ
ᗕ ⵗ ш ∞ ⵗ ш ∞ ш ⵗ ᗕ ᗕ ᗕ ∞ ∞ ∞ ∞ ∞ ᗕ ᗕ ⵗ ᗕ ᗕ · ᗕ ∞ · ∞ · · · ᗕ · ∞ ᗕ ᗕ ш ᗕ ᗕ ᗕ ∞ ⵗ ∞ ⵗ ∞ · ᗕ ш ᗕ ∞ · ш ш ш ᗕ ¥ ⵗ ᗕ ш ᗕ ⵗ ∞ ∞
ᗕ ш · ᗕ ᗕ ∞ ш ᗕ ⵗ ⵗ ᗕ ш ⵗ ⵗ ⵗ ᗕ ∞ ᗕ ∞ ∞ ᗕ ш ш ᗕ ∞ ∞ ∞ ш ∞ ⵗ ᗕ ᗕ ᗕ ∞ ∞ ∞ ᗕ · ⵗ ᗕ ᗕ · ∞ ш ᗕ ᗕ ∞ ш ш ᗕ ᗕ ⵗ ш ∞ ⵗ ∞ ∞ · ⵗ ᗕ ᗕ ∞
∞ · ᗕ ∞ ᗕ ∞ ᗕ ⵗ ᗕ ᗕ ш ᗕ ∞ ∞ ᗕ ⵗ ⵗ ⵗ · ∞ ш ᗕ ш ш ∞ ᗕ · ᗕ ᗕ ᗕ ∞ ᗕ ᗕ ⵗ ∞ ᗕ ш ᗕ ᗕ ᗕ ш ᗕ ᗕ · · · ∞ ⵗ ᗕ · ∞ ᗕ ᗕ ᗕ ᗕ ᗕ ∞ · ᗕ ᗕ ᗕ ᗕ
ᗕ ⵗ ш · ⵗ ∞ · · ⵗ · ᗕ ᗕ · · · ∞ ∞ ∞ ∞ · ш ∞ ш ᗕ ⵗ ш ∞ ⵗ ᗕ ∞ ᗕ ᗕ · ᗕ ᗕ · ⵗ ∞ · ∞ ш ᗕ ∞ ∞ ᗕ ш ⵗ ∞ ∞ ᗕ ш ∞ ш ∞ ᗕ ᗕ ∞ ∞ ∞ ∞ ᗕ ᗕ
∞ ш ᗕ ᗕ ∞ ∞ ⵗ ∞ ᗕ · ᗕ ∞ ∞ ш ∞ ∞ ⵗ ᗕ ᗕ ᗕ ⵗ · · · ᗕ ∞ ᗕ ⵗ ⵗ · ∞ · ᗕ ᗕ · ᗕ ᗕ ∞ ⵗ · ∞ ᗕ ∞ ⵗ ᗕ ∞ ∞ ∞ ∞ ᗕ ᗕ ᗕ ᗕ ∞ ∞ ∞ ш · ᗕ ᗕ ∞ ᗕ
∞ ш ∞ ᗕ ш ⵗ ш ᗕ ⵗ ⵗ · ᗕ · · ш ᗕ ᗕ ∞ ᗕ ⵗ ⵗ ᗕ ᗕ · ᗕ · · ⵗ ⵗ ᗕ · ∞ ⵗ ᗕ ᗕ ∞ ∞ ᗕ ш ⵗ · ᗕ ∞ ∞ ∞ ⵗ ᗕ ∞ ш · ᗕ ᗕ ш · ᗕ · ᗕ ∞ ⵗ ᗕ ⵗ ᗕ
ⵗ ш ᗕ ᗕ ⵗ ᗕ ᗕ ᗕ · ∞ ᗕ ᗕ ᗕ ∞ ∞ · ᗕ ᗕ ᗕ ᗕ ∞ ⵗ ⵗ · ⵗ ᗕ ᗕ ⵗ ∞ ⵗ ⵗ ∞ · ∞ ш · ∞ ᗕ ᗕ ᗕ ∞ ∞ ∞ ᗕ ∞ ш ∞ ⵗ ⵗ ∞ ∞ ∞ ᗕ ш · ⵗ ᗕ · ᗕ ᗕ ш ·
ᗕ ᗕ · ᗕ ш ⵗ ∞ ⵗ ∞ ᗕ ∞ · ш · · ∞ ᗕ ⵗ ᗕ ш ∞ ᗕ ш ᗕ ш ⵗ ᗕ ∞ ⵗ ∞ ᗕ ∞ ∞ ⵗ ᗕ ∞ · ᗕ ⵗ ш ⵗ ᗕ ∞ ᗕ ᗕ ⵗ ᗕ ш ∞ ⵗ ∞ ∞ ᗕ ∞ ᗕ ∞ ᗕ ᗕ ∞ ∞ ᗕ ∞
